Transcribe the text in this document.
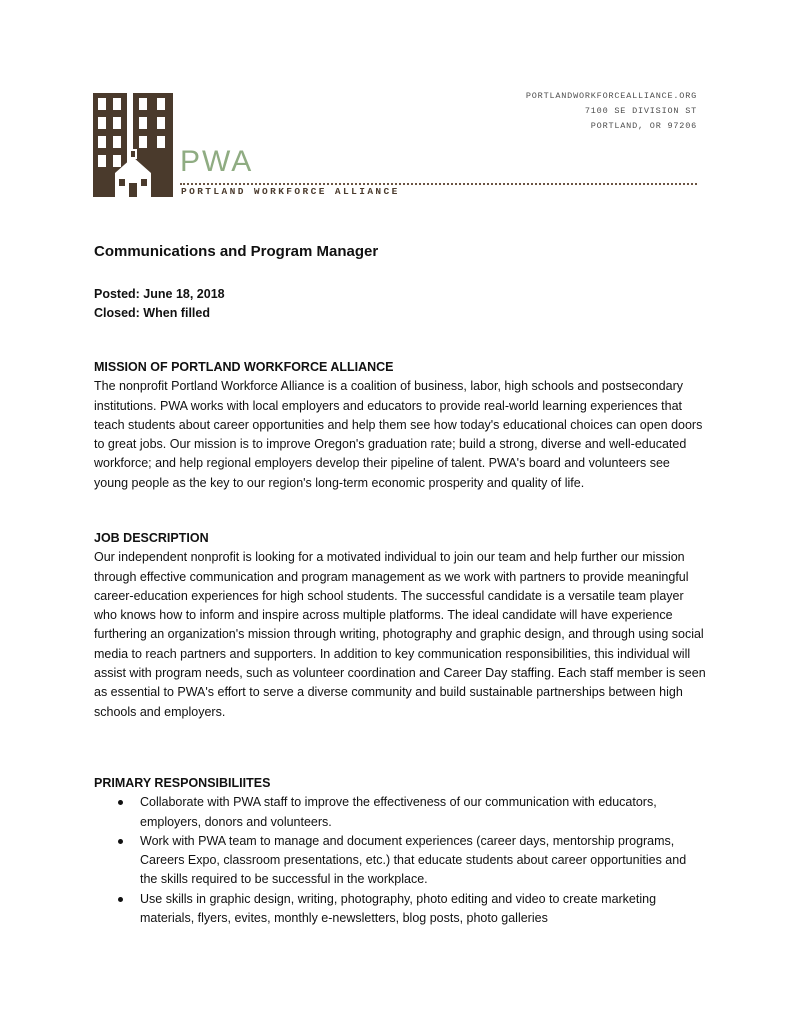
PWA
PORTLAND WORKFORCE ALLIANCE
PORTLANDWORKFORCEALLIANCE.ORG
7100 SE DIVISION ST
PORTLAND, OR 97206
Communications and Program Manager
Posted: June 18, 2018
Closed: When filled
MISSION OF PORTLAND WORKFORCE ALLIANCE

The nonprofit Portland Workforce Alliance is a coalition of business, labor, high schools and postsecondary institutions. PWA works with local employers and educators to provide real-world learning experiences that teach students about career opportunities and help them see how today's educational choices can open doors to great jobs. Our mission is to improve Oregon's graduation rate; build a strong, diverse and well-educated workforce; and help regional employers develop their pipeline of talent. PWA's board and volunteers see young people as the key to our region's long-term economic prosperity and quality of life.

JOB DESCRIPTION

Our independent nonprofit is looking for a motivated individual to join our team and help further our mission through effective communication and program management as we work with partners to provide meaningful career-education experiences for high school students. The successful candidate is a versatile team player who knows how to inform and inspire across multiple platforms. The ideal candidate will have experience furthering an organization's mission through writing, photography and graphic design, and through using social media to reach partners and supporters. In addition to key communication responsibilities, this individual will assist with program needs, such as volunteer coordination and Career Day staffing. Each staff member is seen as essential to PWA's effort to serve a diverse community and build sustainable partnerships between high schools and employers.

PRIMARY RESPONSIBILIITES
Collaborate with PWA staff to improve the effectiveness of our communication with educators, employers, donors and volunteers.
Work with PWA team to manage and document experiences (career days, mentorship programs, Careers Expo, classroom presentations, etc.) that educate students about career opportunities and the skills required to be successful in the workplace.
Use skills in graphic design, writing, photography, photo editing and video to create marketing materials, flyers, evites, monthly e-newsletters, blog posts, photo galleries
